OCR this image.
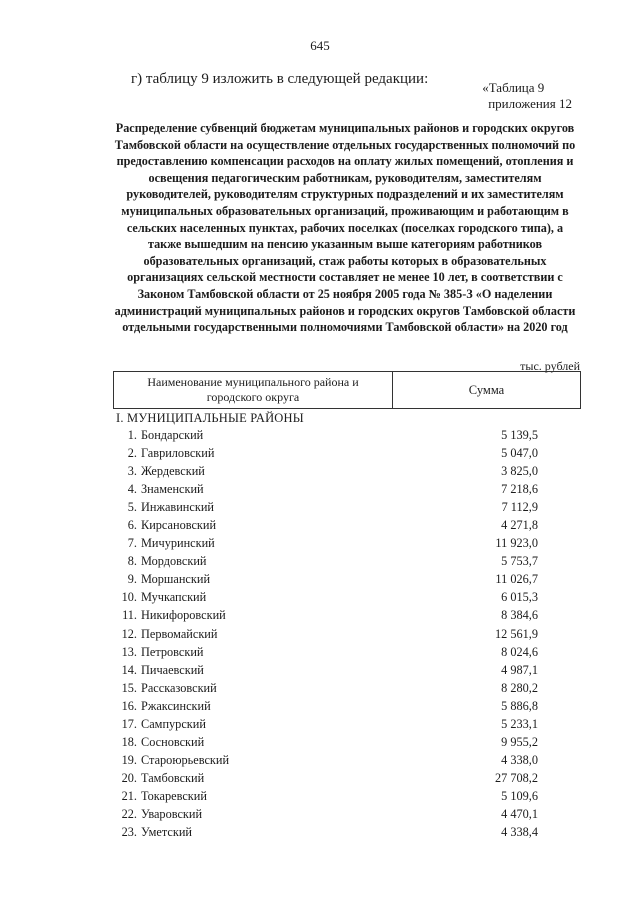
645
г) таблицу 9 изложить в следующей редакции:
«Таблица 9
приложения 12
Распределение субвенций бюджетам муниципальных районов и городских округов Тамбовской области на осуществление отдельных государственных полномочий по предоставлению компенсации расходов на оплату жилых помещений, отопления и освещения педагогическим работникам, руководителям, заместителям руководителей, руководителям структурных подразделений и их заместителям муниципальных образовательных организаций, проживающим и работающим в сельских населенных пунктах, рабочих поселках (поселках городского типа), а также вышедшим на пенсию указанным выше категориям работников образовательных организаций, стаж работы которых в образовательных организациях сельской местности составляет не менее 10 лет, в соответствии с Законом Тамбовской области от 25 ноября 2005 года № 385-З «О наделении администраций муниципальных районов и городских округов Тамбовской области отдельными государственными полномочиями Тамбовской области» на 2020 год
тыс. рублей
Наименование муниципального района и городского округа
Сумма
I. МУНИЦИПАЛЬНЫЕ РАЙОНЫ
1. Бондарский	5 139,5
2. Гавриловский	5 047,0
3. Жердевский	3 825,0
4. Знаменский	7 218,6
5. Инжавинский	7 112,9
6. Кирсановский	4 271,8
7. Мичуринский	11 923,0
8. Мордовский	5 753,7
9. Моршанский	11 026,7
10. Мучкапский	6 015,3
11. Никифоровский	8 384,6
12. Первомайский	12 561,9
13. Петровский	8 024,6
14. Пичаевский	4 987,1
15. Рассказовский	8 280,2
16. Ржаксинский	5 886,8
17. Сампурский	5 233,1
18. Сосновский	9 955,2
19. Староюрьевский	4 338,0
20. Тамбовский	27 708,2
21. Токаревский	5 109,6
22. Уваровский	4 470,1
23. Уметский	4 338,4
